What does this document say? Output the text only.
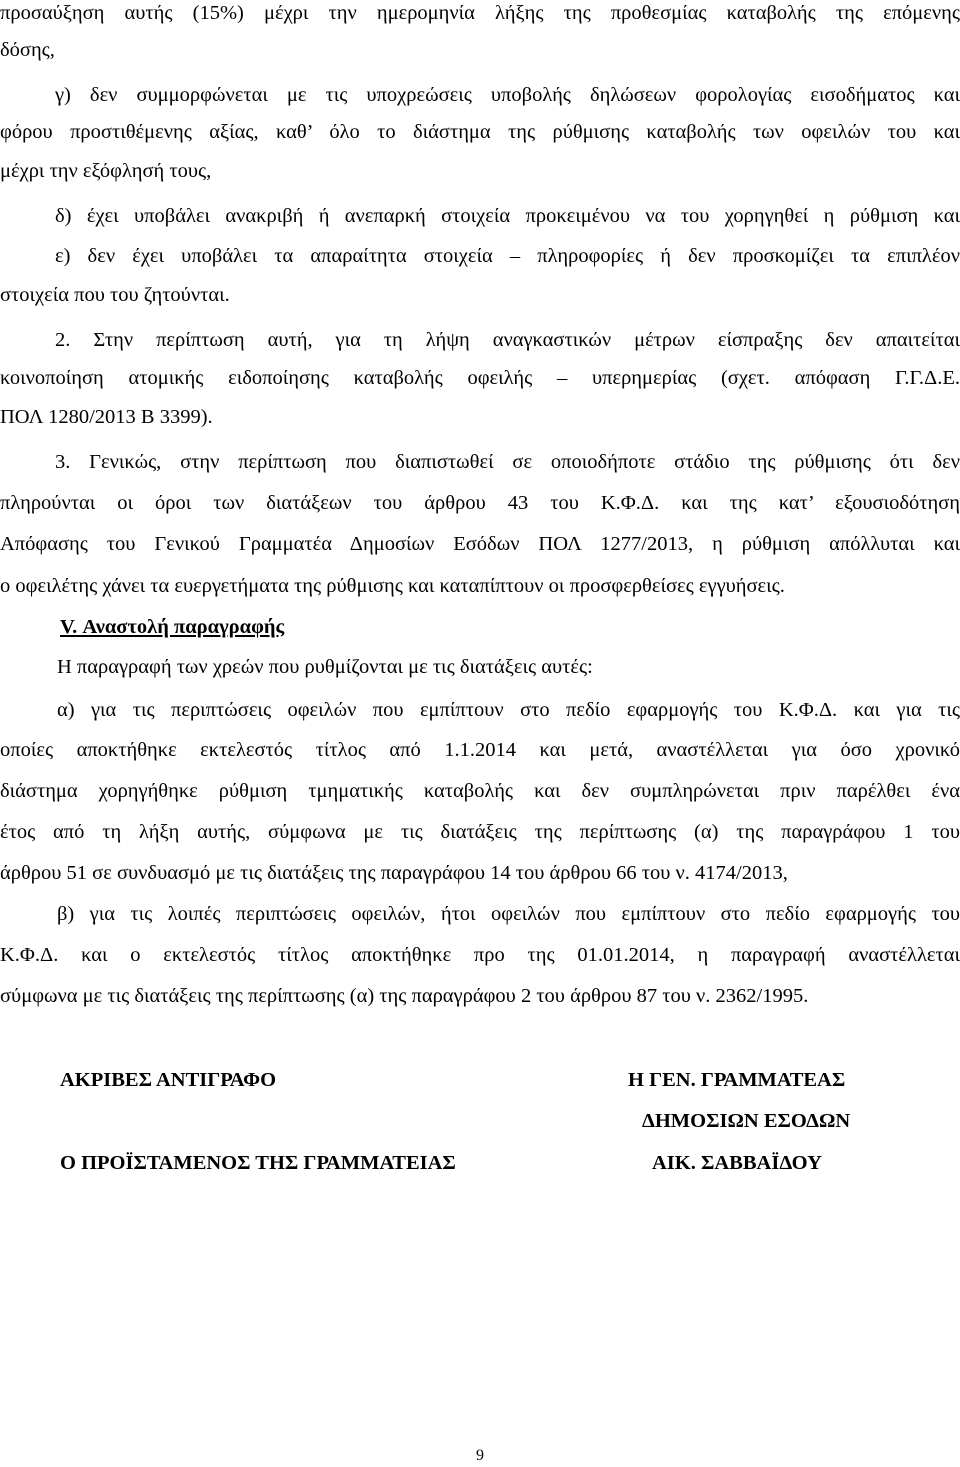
προσαύξηση αυτής (15%) μέχρι την ημερομηνία λήξης της προθεσμίας καταβολής της επόμενης

δόσης,

γ) δεν συμμορφώνεται με τις υποχρεώσεις υποβολής δηλώσεων φορολογίας εισοδήματος και

φόρου προστιθέμενης αξίας, καθ’ όλο το διάστημα της ρύθμισης καταβολής των οφειλών του και

μέχρι την εξόφλησή τους,

δ) έχει υποβάλει ανακριβή ή ανεπαρκή στοιχεία προκειμένου να του χορηγηθεί η ρύθμιση και

ε) δεν έχει υποβάλει τα απαραίτητα στοιχεία – πληροφορίες ή δεν προσκομίζει τα επιπλέον

στοιχεία που του ζητούνται.

2. Στην περίπτωση αυτή, για τη λήψη αναγκαστικών μέτρων είσπραξης δεν απαιτείται

κοινοποίηση ατομικής ειδοποίησης καταβολής οφειλής – υπερημερίας (σχετ. απόφαση Γ.Γ.Δ.Ε.

ΠΟΛ 1280/2013 Β 3399).

3. Γενικώς, στην περίπτωση που διαπιστωθεί σε οποιοδήποτε στάδιο της ρύθμισης ότι δεν

πληρούνται οι όροι των διατάξεων του άρθρου 43 του Κ.Φ.Δ. και της κατ’ εξουσιοδότηση

Απόφασης του Γενικού Γραμματέα Δημοσίων Εσόδων ΠΟΛ 1277/2013, η ρύθμιση απόλλυται και

ο οφειλέτης χάνει τα ευεργετήματα της ρύθμισης και καταπίπτουν οι προσφερθείσες εγγυήσεις.

V. Αναστολή παραγραφής

Η παραγραφή των χρεών που ρυθμίζονται με τις διατάξεις αυτές:

α) για τις περιπτώσεις οφειλών που εμπίπτουν στο πεδίο εφαρμογής του Κ.Φ.Δ. και για τις

οποίες αποκτήθηκε εκτελεστός τίτλος από 1.1.2014 και μετά, αναστέλλεται για όσο χρονικό

διάστημα χορηγήθηκε ρύθμιση τμηματικής καταβολής και δεν συμπληρώνεται πριν παρέλθει ένα

έτος από τη λήξη αυτής, σύμφωνα με τις διατάξεις της περίπτωσης (α) της παραγράφου 1 του

άρθρου 51 σε συνδυασμό με τις διατάξεις της παραγράφου 14 του άρθρου 66 του ν. 4174/2013,

β) για τις λοιπές περιπτώσεις οφειλών, ήτοι οφειλών που εμπίπτουν στο πεδίο εφαρμογής του

Κ.Φ.Δ. και ο εκτελεστός τίτλος αποκτήθηκε προ της 01.01.2014, η παραγραφή αναστέλλεται

σύμφωνα με τις διατάξεις της περίπτωσης (α) της παραγράφου 2 του άρθρου 87 του ν. 2362/1995.

ΑΚΡΙΒΕΣ ΑΝΤΙΓΡΑΦΟ

Ο ΠΡΟΪΣΤΑΜΕΝΟΣ ΤΗΣ ΓΡΑΜΜΑΤΕΙΑΣ

Η ΓΕΝ. ΓΡΑΜΜΑΤΕΑΣ

ΔΗΜΟΣΙΩΝ ΕΣΟΔΩΝ

ΑΙΚ. ΣΑΒΒΑΪΔΟΥ

9
